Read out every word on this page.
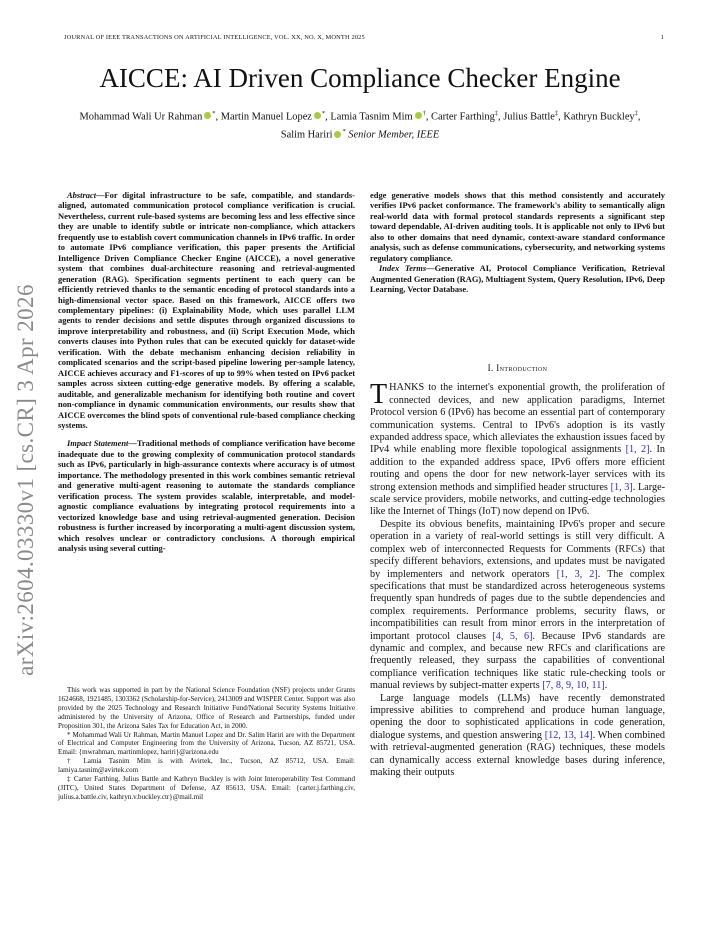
JOURNAL OF IEEE TRANSACTIONS ON ARTIFICIAL INTELLIGENCE, VOL. XX, NO. X, MONTH 2025	1
arXiv:2604.03330v1 [cs.CR] 3 Apr 2026
AICCE: AI Driven Compliance Checker Engine
Mohammad Wali Ur Rahman *, Martin Manuel Lopez *, Lamia Tasnim Mim †, Carter Farthing‡, Julius Battle‡, Kathryn Buckley‡, Salim Hariri * Senior Member, IEEE

Abstract—For digital infrastructure to be safe, compatible, and standards-aligned, automated communication protocol compliance verification is crucial. Nevertheless, current rule-based systems are becoming less and less effective since they are unable to identify subtle or intricate non-compliance, which attackers frequently use to establish covert communication channels in IPv6 traffic. In order to automate IPv6 compliance verification, this paper presents the Artificial Intelligence Driven Compliance Checker Engine (AICCE), a novel generative system that combines dual-architecture reasoning and retrieval-augmented generation (RAG). Specification segments pertinent to each query can be efficiently retrieved thanks to the semantic encoding of protocol standards into a high-dimensional vector space. Based on this framework, AICCE offers two complementary pipelines: (i) Explainability Mode, which uses parallel LLM agents to render decisions and settle disputes through organized discussions to improve interpretability and robustness, and (ii) Script Execution Mode, which converts clauses into Python rules that can be executed quickly for dataset-wide verification. With the debate mechanism enhancing decision reliability in complicated scenarios and the script-based pipeline lowering per-sample latency, AICCE achieves accuracy and F1-scores of up to 99% when tested on IPv6 packet samples across sixteen cutting-edge generative models. By offering a scalable, auditable, and generalizable mechanism for identifying both routine and covert non-compliance in dynamic communication environments, our results show that AICCE overcomes the blind spots of conventional rule-based compliance checking systems.

Impact Statement—Traditional methods of compliance verification have become inadequate due to the growing complexity of communication protocol standards such as IPv6, particularly in high-assurance contexts where accuracy is of utmost importance. The methodology presented in this work combines semantic retrieval and generative multi-agent reasoning to automate the standards compliance verification process. The system provides scalable, interpretable, and model-agnostic compliance evaluations by integrating protocol requirements into a vectorized knowledge base and using retrieval-augmented generation. Decision robustness is further increased by incorporating a multi-agent discussion system, which resolves unclear or contradictory conclusions. A thorough empirical analysis using several cutting-

This work was supported in part by the National Science Foundation (NSF) projects under Grants 1624668, 1921485, 1303362 (Scholarship-for-Service), 2413009 and WISPER Center. Support was also provided by the 2025 Technology and Research Initiative Fund/National Security Systems Initiative administered by the University of Arizona, Office of Research and Partnerships, funded under Proposition 301, the Arizona Sales Tax for Education Act, in 2000.

* Mohammad Wali Ur Rahman, Martin Manuel Lopez and Dr. Salim Hariri are with the Department of Electrical and Computer Engineering from the University of Arizona, Tucson, AZ 85721, USA. Email: {mwrahman, martinmlopez, hariri}@arizona.edu

† Lamia Tasnim Mim is with Avirtek, Inc., Tucson, AZ 85712, USA. Email: lamiya.tasnim@avirtek.com

‡ Carter Farthing, Julius Battle and Kathryn Buckley is with Joint Interoperability Test Command (JITC), United States Department of Defense, AZ 85613, USA. Email: {carter.j.farthing.civ, julius.a.battle.civ, kathryn.v.buckley.ctr}@mail.mil

edge generative models shows that this method consistently and accurately verifies IPv6 packet conformance. The framework's ability to semantically align real-world data with formal protocol standards represents a significant step toward dependable, AI-driven auditing tools. It is applicable not only to IPv6 but also to other domains that need dynamic, context-aware standard conformance analysis, such as defense communications, cybersecurity, and networking systems regulatory compliance.

Index Terms—Generative AI, Protocol Compliance Verification, Retrieval Augmented Generation (RAG), Multiagent System, Query Resolution, IPv6, Deep Learning, Vector Database.

I. Introduction

THANKS to the internet's exponential growth, the proliferation of connected devices, and new application paradigms, Internet Protocol version 6 (IPv6) has become an essential part of contemporary communication systems. Central to IPv6's adoption is its vastly expanded address space, which alleviates the exhaustion issues faced by IPv4 while enabling more flexible topological assignments [1, 2]. In addition to the expanded address space, IPv6 offers more efficient routing and opens the door for new network-layer services with its strong extension methods and simplified header structures [1, 3]. Large-scale service providers, mobile networks, and cutting-edge technologies like the Internet of Things (IoT) now depend on IPv6.

Despite its obvious benefits, maintaining IPv6's proper and secure operation in a variety of real-world settings is still very difficult. A complex web of interconnected Requests for Comments (RFCs) that specify different behaviors, extensions, and updates must be navigated by implementers and network operators [1, 3, 2]. The complex specifications that must be standardized across heterogeneous systems frequently span hundreds of pages due to the subtle dependencies and complex requirements. Performance problems, security flaws, or incompatibilities can result from minor errors in the interpretation of important protocol clauses [4, 5, 6]. Because IPv6 standards are dynamic and complex, and because new RFCs and clarifications are frequently released, they surpass the capabilities of conventional compliance verification techniques like static rule-checking tools or manual reviews by subject-matter experts [7, 8, 9, 10, 11].

Large language models (LLMs) have recently demonstrated impressive abilities to comprehend and produce human language, opening the door to sophisticated applications in code generation, dialogue systems, and question answering [12, 13, 14]. When combined with retrieval-augmented generation (RAG) techniques, these models can dynamically access external knowledge bases during inference, making their outputs
